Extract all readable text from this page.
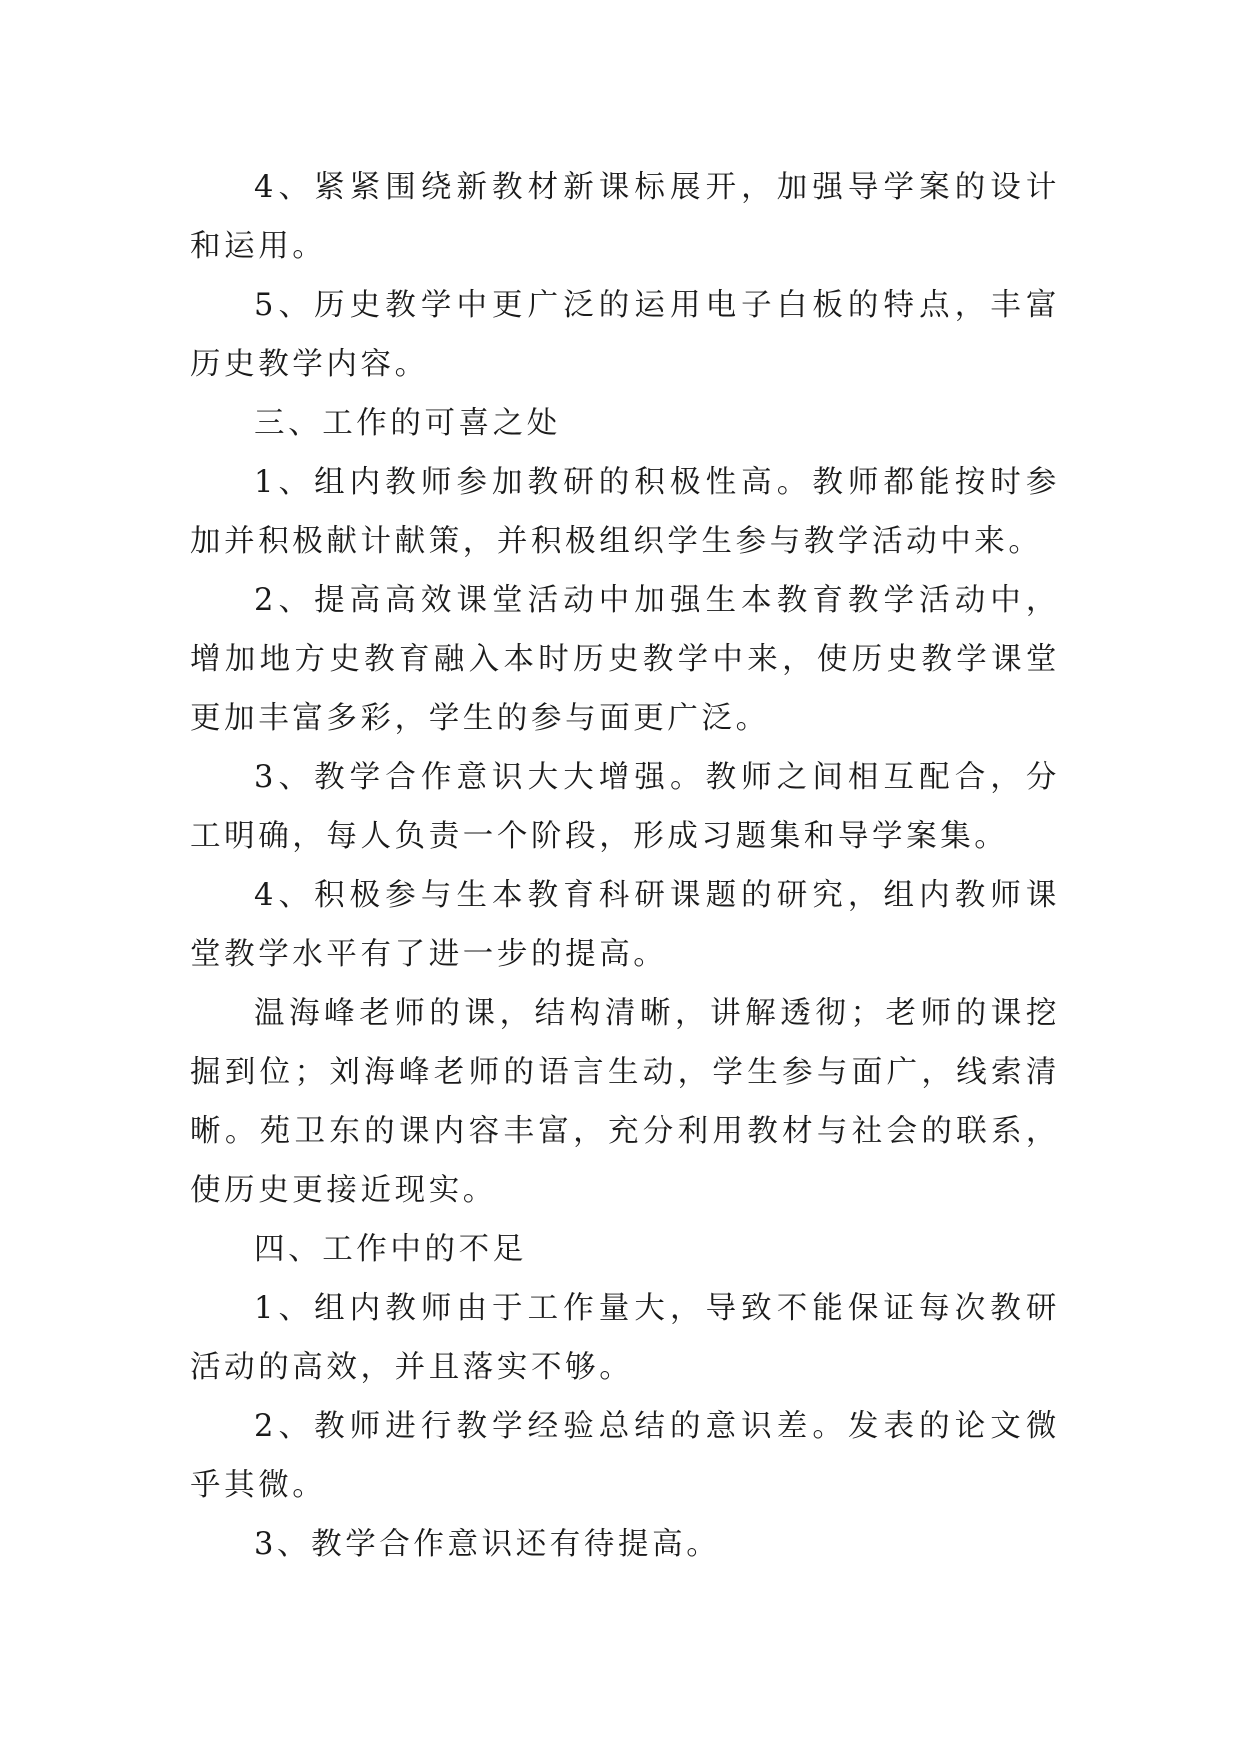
4、紧紧围绕新教材新课标展开，加强导学案的设计和运用。

5、历史教学中更广泛的运用电子白板的特点，丰富历史教学内容。

三、工作的可喜之处

1、组内教师参加教研的积极性高。教师都能按时参加并积极献计献策，并积极组织学生参与教学活动中来。

2、提高高效课堂活动中加强生本教育教学活动中，增加地方史教育融入本时历史教学中来，使历史教学课堂更加丰富多彩，学生的参与面更广泛。

3、教学合作意识大大增强。教师之间相互配合，分工明确，每人负责一个阶段，形成习题集和导学案集。

4、积极参与生本教育科研课题的研究，组内教师课堂教学水平有了进一步的提高。

温海峰老师的课，结构清晰，讲解透彻；老师的课挖掘到位；刘海峰老师的语言生动，学生参与面广，线索清晰。苑卫东的课内容丰富，充分利用教材与社会的联系，使历史更接近现实。

四、工作中的不足

1、组内教师由于工作量大，导致不能保证每次教研活动的高效，并且落实不够。

2、教师进行教学经验总结的意识差。发表的论文微乎其微。

3、教学合作意识还有待提高。
